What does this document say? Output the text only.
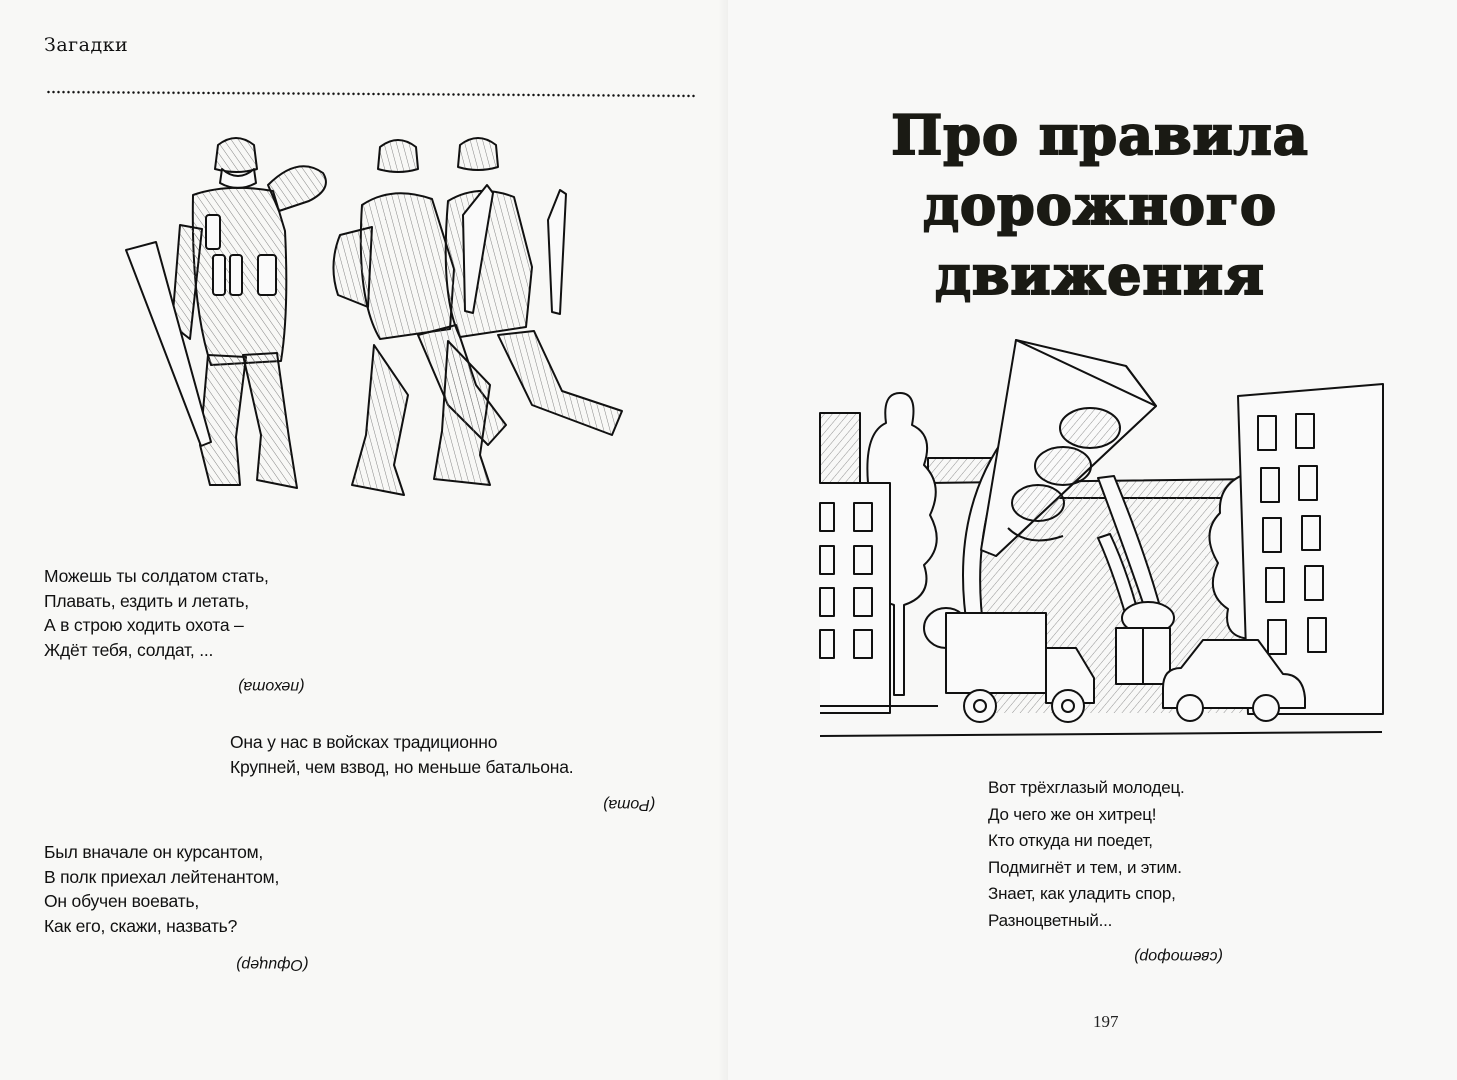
Загадки
Можешь ты солдатом стать,
Плавать, ездить и летать,
А в строю ходить охота –
Ждёт тебя, солдат, ...
(пехота)
Она у нас в войсках традиционно
Крупней, чем взвод, но меньше батальона.
(Рота)
Был вначале он курсантом,
В полк приехал лейтенантом,
Он обучен воевать,
Как его, скажи, назвать?
(Офицер)
Про правила
дорожного
движения
Вот трёхглазый молодец.
До чего же он хитрец!
Кто откуда ни поедет,
Подмигнёт и тем, и этим.
Знает, как уладить спор,
Разноцветный...
(светофор)
197
